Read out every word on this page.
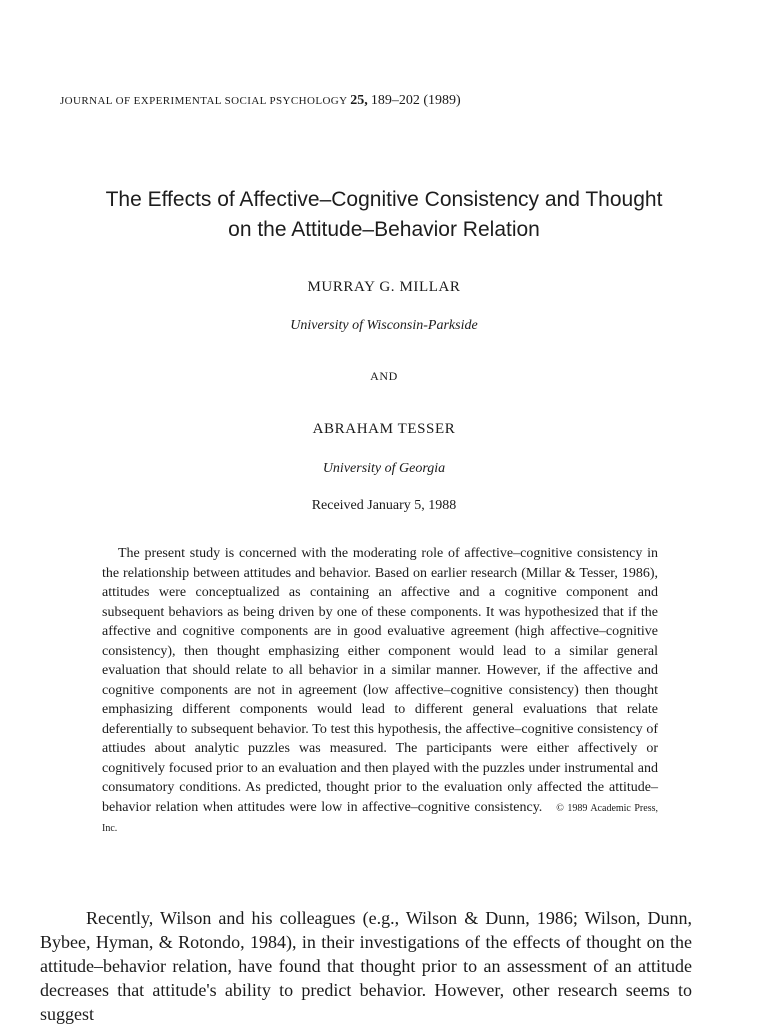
JOURNAL OF EXPERIMENTAL SOCIAL PSYCHOLOGY 25, 189–202 (1989)
The Effects of Affective–Cognitive Consistency and Thought
on the Attitude–Behavior Relation
MURRAY G. MILLAR
University of Wisconsin-Parkside
AND
ABRAHAM TESSER
University of Georgia
Received January 5, 1988
The present study is concerned with the moderating role of affective–cognitive consistency in the relationship between attitudes and behavior. Based on earlier research (Millar & Tesser, 1986), attitudes were conceptualized as containing an affective and a cognitive component and subsequent behaviors as being driven by one of these components. It was hypothesized that if the affective and cognitive components are in good evaluative agreement (high affective–cognitive consistency), then thought emphasizing either component would lead to a similar general evaluation that should relate to all behavior in a similar manner. However, if the affective and cognitive components are not in agreement (low affective–cognitive consistency) then thought emphasizing different components would lead to different general evaluations that relate deferentially to subsequent behavior. To test this hypothesis, the affective–cognitive consistency of attiudes about analytic puzzles was measured. The participants were either affectively or cognitively focused prior to an evaluation and then played with the puzzles under instrumental and consumatory conditions. As predicted, thought prior to the evaluation only affected the attitude–behavior relation when attitudes were low in affective–cognitive consistency. © 1989 Academic Press, Inc.
Recently, Wilson and his colleagues (e.g., Wilson & Dunn, 1986; Wilson, Dunn, Bybee, Hyman, & Rotondo, 1984), in their investigations of the effects of thought on the attitude–behavior relation, have found that thought prior to an assessment of an attitude decreases that attitude's ability to predict behavior. However, other research seems to suggest
